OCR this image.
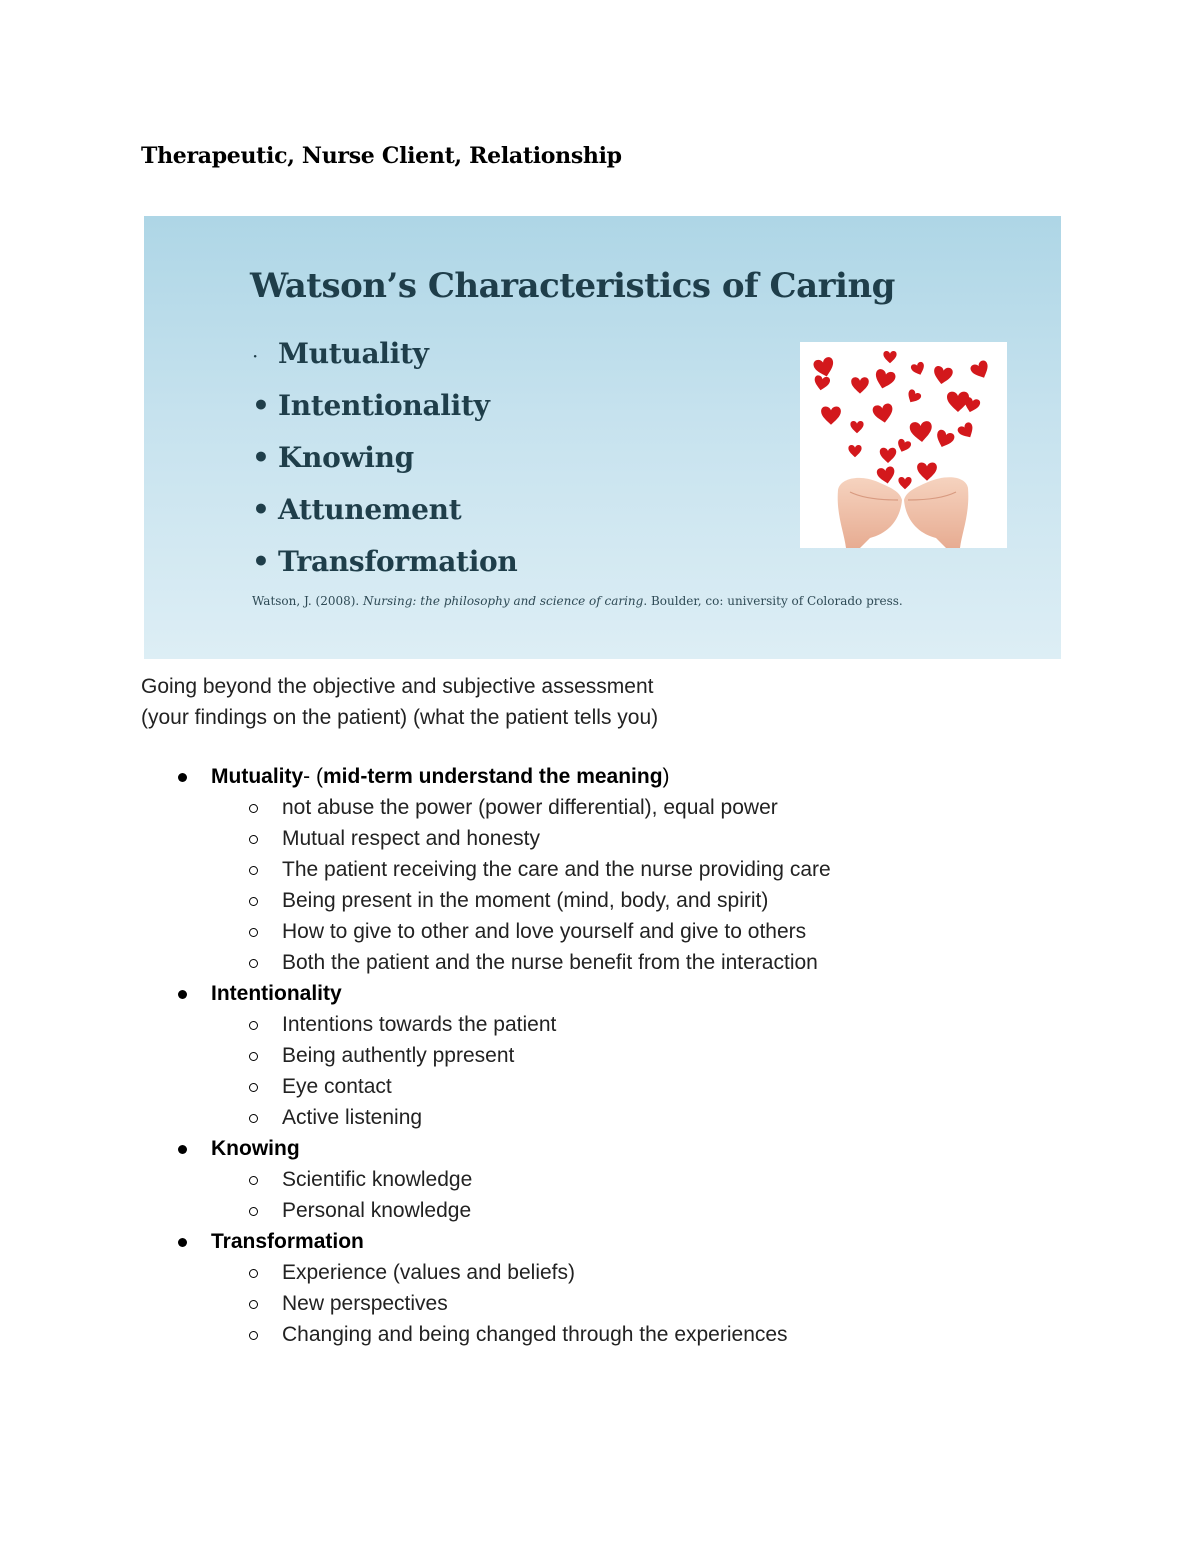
Therapeutic, Nurse Client, Relationship
Watson’s Characteristics of Caring
· Mutuality
• Intentionality
• Knowing
• Attunement
• Transformation
Watson, J. (2008). Nursing: the philosophy and science of caring. Boulder, co: university of Colorado press.
Going beyond the objective and subjective assessment
(your findings on the patient) (what the patient tells you)
Mutuality- (mid-term understand the meaning)
not abuse the power (power differential), equal power
Mutual respect and honesty
The patient receiving the care and the nurse providing care
Being present in the moment (mind, body, and spirit)
How to give to other and love yourself and give to others
Both the patient and the nurse benefit from the interaction
Intentionality
Intentions towards the patient
Being authently ppresent
Eye contact
Active listening
Knowing
Scientific knowledge
Personal knowledge
Transformation
Experience (values and beliefs)
New perspectives
Changing and being changed through the experiences
